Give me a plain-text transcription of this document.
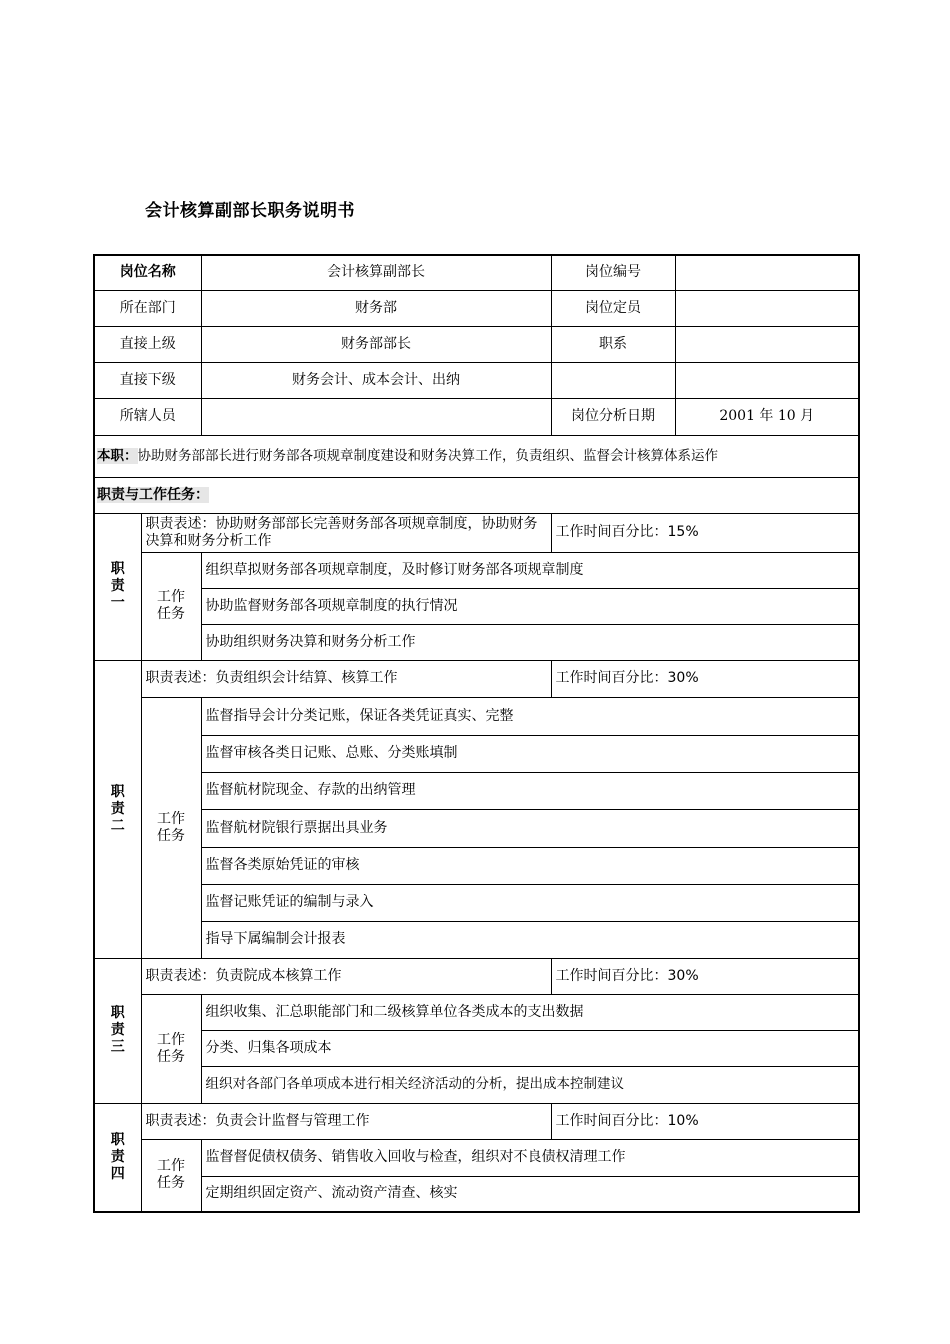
会计核算副部长职务说明书
岗位名称		会计核算副部长	岗位编号	
所在部门		财务部	岗位定员	
直接上级		财务部部长	职系	
直接下级		财务会计、成本会计、出纳		
所辖人员			岗位分析日期	2001 年 10 月
本职：协助财务部部长进行财务部各项规章制度建设和财务决算工作，负责组织、监督会计核算体系运作				
职责与工作任务：				

职
责
一	职责表述：协助财务部部长完善财务部各项规章制度，协助财务决算和财务分析工作		工作时间百分比：15%	

	工作
任务	组织草拟财务部各项规章制度，及时修订财务部各项规章制度		
		协助监督财务部各项规章制度的执行情况		
		协助组织财务决算和财务分析工作		

职
责
二	职责表述：负责组织会计结算、核算工作		工作时间百分比：30%	

	工作
任务	监督指导会计分类记账，保证各类凭证真实、完整		
		监督审核各类日记账、总账、分类账填制		
		监督航材院现金、存款的出纳管理		
		监督航材院银行票据出具业务		
		监督各类原始凭证的审核		
		监督记账凭证的编制与录入		
		指导下属编制会计报表		

职
责
三	职责表述：负责院成本核算工作		工作时间百分比：30%	

	工作
任务	组织收集、汇总职能部门和二级核算单位各类成本的支出数据		
		分类、归集各项成本		
		组织对各部门各单项成本进行相关经济活动的分析，提出成本控制建议		

职
责
四	职责表述：负责会计监督与管理工作		工作时间百分比：10%	

	工作
任务	监督督促债权债务、销售收入回收与检查，组织对不良债权清理工作		
		定期组织固定资产、流动资产清查、核实		
